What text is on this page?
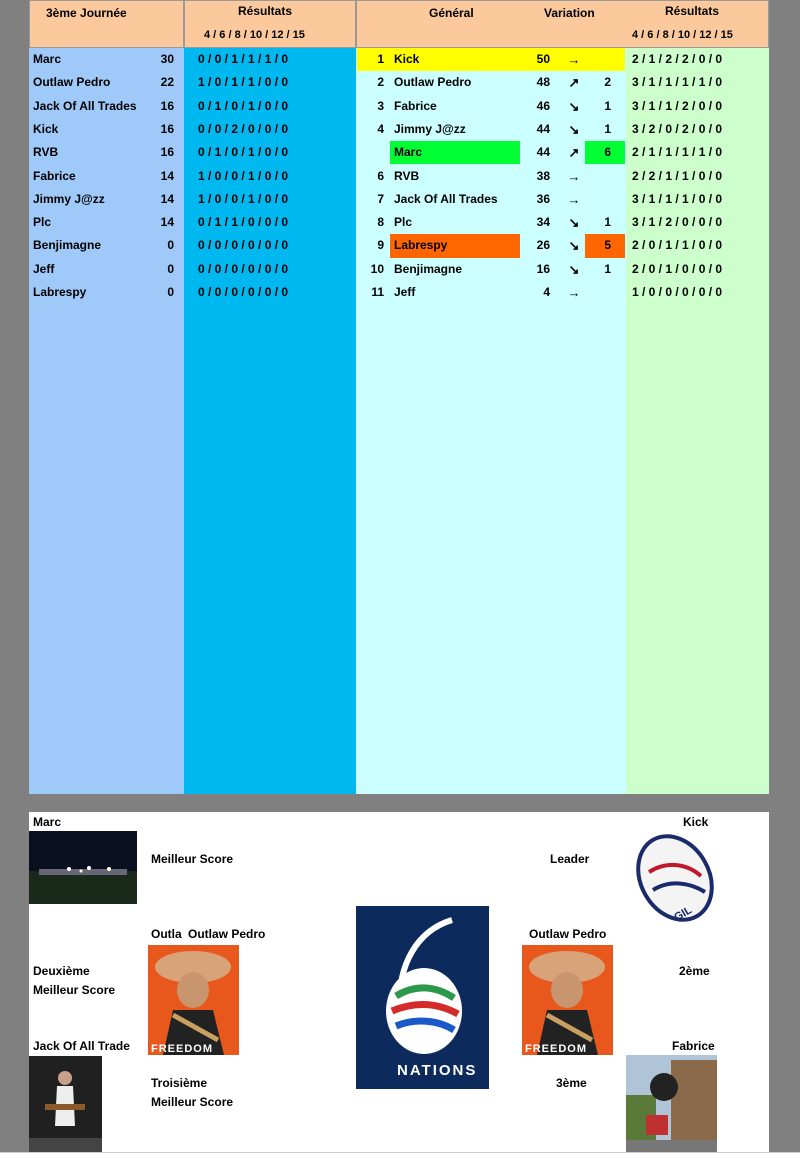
3ème Journée	Résultats
4 / 6 / 8 / 10 / 12 / 15
Général	Variation	Résultats
4 / 6 / 8 / 10 / 12 / 15
Marc	30 0 / 0 / 1 / 1 / 1 / 0
Outlaw Pedro	22 1 / 0 / 1 / 1 / 0 / 0
Jack Of All Trades	16 0 / 1 / 0 / 1 / 0 / 0
Kick	16 0 / 0 / 2 / 0 / 0 / 0
RVB	16 0 / 1 / 0 / 1 / 0 / 0
Fabrice	14 1 / 0 / 0 / 1 / 0 / 0
Jimmy J@zz	14 1 / 0 / 0 / 1 / 0 / 0
Plc	14 0 / 1 / 1 / 0 / 0 / 0
Benjimagne	0 0 / 0 / 0 / 0 / 0 / 0
Jeff	0 0 / 0 / 0 / 0 / 0 / 0
Labrespy	0 0 / 0 / 0 / 0 / 0 / 0
1 Kick	50 →	2 / 1 / 2 / 2 / 0 / 0
2 Outlaw Pedro	48 ↗	2 3 / 1 / 1 / 1 / 1 / 0
3 Fabrice	46 ↘	1 3 / 1 / 1 / 2 / 0 / 0
4 Jimmy J@zz	44 ↘	1 3 / 2 / 0 / 2 / 0 / 0
Marc	44 ↗	6 2 / 1 / 1 / 1 / 1 / 0
6 RVB	38 →	2 / 2 / 1 / 1 / 0 / 0
7 Jack Of All Trades	36 →	3 / 1 / 1 / 1 / 0 / 0
8 Plc	34 ↘	1 3 / 1 / 2 / 0 / 0 / 0
9 Labrespy	26 ↘	5 2 / 0 / 1 / 1 / 0 / 0
10 Benjimagne	16 ↘	1 2 / 0 / 1 / 0 / 0 / 0
11 Jeff	4 →	1 / 0 / 0 / 0 / 0 / 0
Marc
Meilleur Score
Outla Outlaw Pedro
Deuxième
Meilleur Score
FREEDOM
Jack Of All Trade
Troisième
Meilleur Score
NATIONS
Leader
Kick
GIL
Outlaw Pedro
FREEDOM
2ème
Fabrice
3ème
